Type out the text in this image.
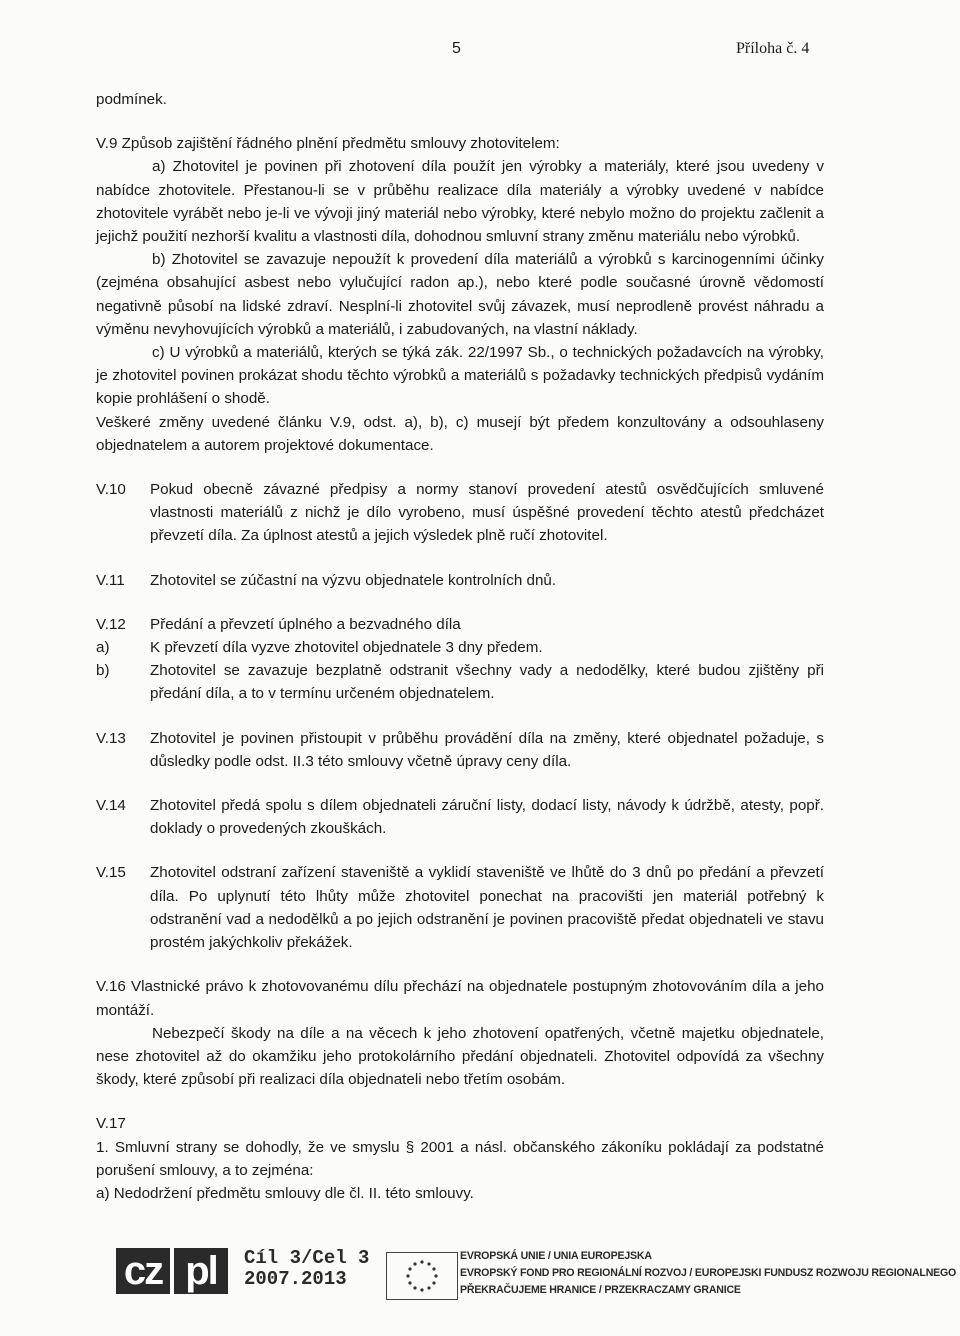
5	Příloha č. 4

podmínek.

V.9 Způsob zajištění řádného plnění předmětu smlouvy zhotovitelem:

a) Zhotovitel je povinen při zhotovení díla použít jen výrobky a materiály, které jsou uvedeny v nabídce zhotovitele. Přestanou-li se v průběhu realizace díla materiály a výrobky uvedené v nabídce zhotovitele vyrábět nebo je-li ve vývoji jiný materiál nebo výrobky, které nebylo možno do projektu začlenit a jejichž použití nezhorší kvalitu a vlastnosti díla, dohodnou smluvní strany změnu materiálu nebo výrobků.

b) Zhotovitel se zavazuje nepoužít k provedení díla materiálů a výrobků s karcinogenními účinky (zejména obsahující asbest nebo vylučující radon ap.), nebo které podle současné úrovně vědomostí negativně působí na lidské zdraví. Nesplní-li zhotovitel svůj závazek, musí neprodleně provést náhradu a výměnu nevyhovujících výrobků a materiálů, i zabudovaných, na vlastní náklady.

c) U výrobků a materiálů, kterých se týká zák. 22/1997 Sb., o technických požadavcích na výrobky, je zhotovitel povinen prokázat shodu těchto výrobků a materiálů s požadavky technických předpisů vydáním kopie prohlášení o shodě.

Veškeré změny uvedené článku V.9, odst. a), b), c) musejí být předem konzultovány a odsouhlaseny objednatelem a autorem projektové dokumentace.

V.10	Pokud obecně závazné předpisy a normy stanoví provedení atestů osvědčujících smluvené vlastnosti materiálů z nichž je dílo vyrobeno, musí úspěšné provedení těchto atestů předcházet převzetí díla. Za úplnost atestů a jejich výsledek plně ručí zhotovitel.
V.11	Zhotovitel se zúčastní na výzvu objednatele kontrolních dnů.
V.12	Předání a převzetí úplného a bezvadného díla
a)	K převzetí díla vyzve zhotovitel objednatele 3 dny předem.
b)	Zhotovitel se zavazuje bezplatně odstranit všechny vady a nedodělky, které budou zjištěny při předání díla, a to v termínu určeném objednatelem.
V.13	Zhotovitel je povinen přistoupit v průběhu provádění díla na změny, které objednatel požaduje, s důsledky podle odst. II.3 této smlouvy včetně úpravy ceny díla.
V.14	Zhotovitel předá spolu s dílem objednateli záruční listy, dodací listy, návody k údržbě, atesty, popř. doklady o provedených zkouškách.
V.15	Zhotovitel odstraní zařízení staveniště a vyklidí staveniště ve lhůtě do 3 dnů po předání a převzetí díla. Po uplynutí této lhůty může zhotovitel ponechat na pracovišti jen materiál potřebný k odstranění vad a nedodělků a po jejich odstranění je povinen pracoviště předat objednateli ve stavu prostém jakýchkoliv překážek.

V.16 Vlastnické právo k zhotovovanému dílu přechází na objednatele postupným zhotovováním díla a jeho montáží.

Nebezpečí škody na díle a na věcech k jeho zhotovení opatřených, včetně majetku objednatele, nese zhotovitel až do okamžiku jeho protokolárního předání objednateli. Zhotovitel odpovídá za všechny škody, které způsobí při realizaci díla objednateli nebo třetím osobám.

V.17

1. Smluvní strany se dohodly, že ve smyslu § 2001 a násl. občanského zákoníku pokládají za podstatné porušení smlouvy, a to zejména:

a) Nedodržení předmětu smlouvy dle čl. II. této smlouvy.

cz pl	Cíl 3/Cel 3
2007.2013
EVROPSKÁ UNIE / UNIA EUROPEJSKA
EVROPSKÝ FOND PRO REGIONÁLNÍ ROZVOJ / EUROPEJSKI FUNDUSZ ROZWOJU REGIONALNEGO
PŘEKRAČUJEME HRANICE / PRZEKRACZAMY GRANICE
